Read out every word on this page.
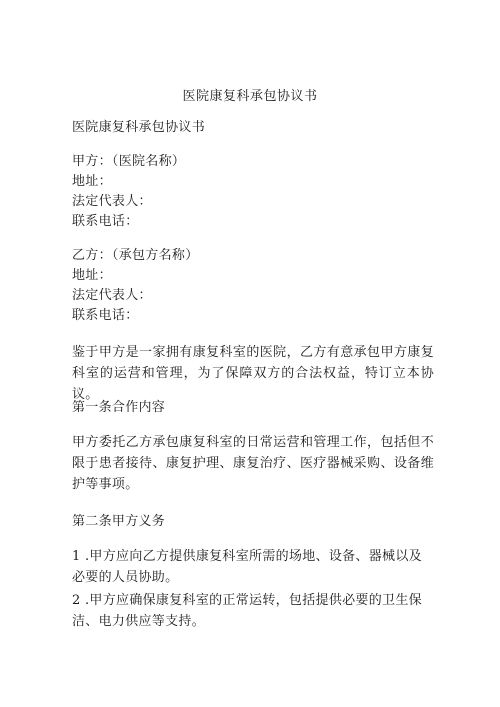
医院康复科承包协议书
医院康复科承包协议书
甲方：（医院名称）
地址：
法定代表人：
联系电话：
乙方：（承包方名称）
地址：
法定代表人：
联系电话：
鉴于甲方是一家拥有康复科室的医院，乙方有意承包甲方康复科室的运营和管理，为了保障双方的合法权益，特订立本协议。
第一条合作内容
甲方委托乙方承包康复科室的日常运营和管理工作，包括但不限于患者接待、康复护理、康复治疗、医疗器械采购、设备维护等事项。
第二条甲方义务
1 .甲方应向乙方提供康复科室所需的场地、设备、器械以及必要的人员协助。
2 .甲方应确保康复科室的正常运转，包括提供必要的卫生保洁、电力供应等支持。
